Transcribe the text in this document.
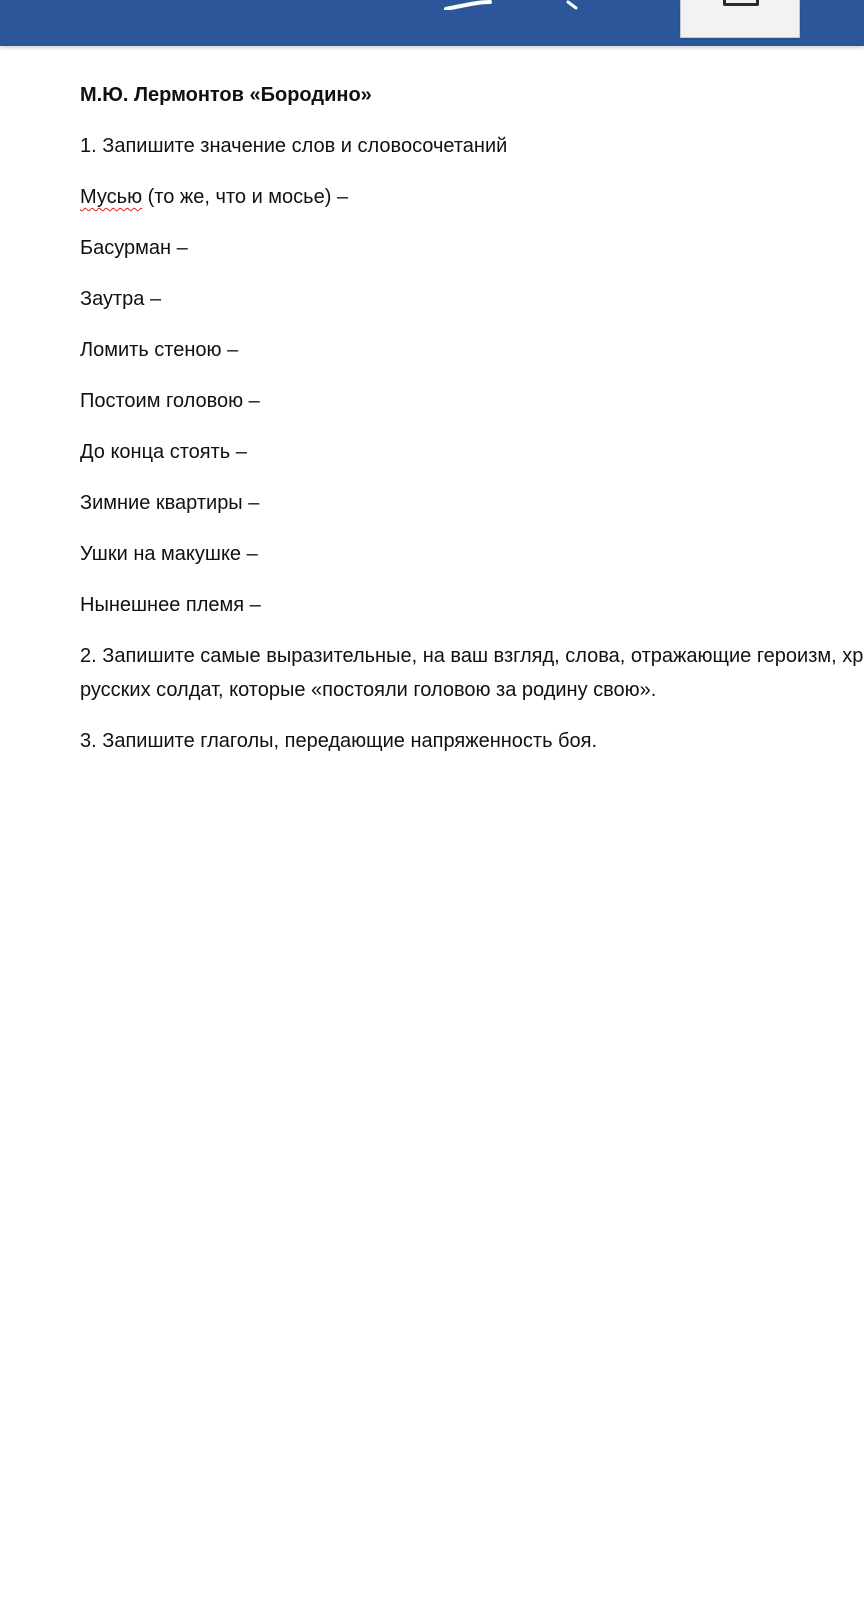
М.Ю. Лермонтов «Бородино»

1. Запишите значение слов и словосочетаний

Мусью (то же, что и мосье) –

Басурман –

Заутра –

Ломить стеною –

Постоим головою –

До конца стоять –

Зимние квартиры –

Ушки на макушке –

Нынешнее племя –

2. Запишите самые выразительные, на ваш взгляд, слова, отражающие героизм, хр

русских солдат, которые «постояли головою за родину свою».

3. Запишите глаголы, передающие напряженность боя.
